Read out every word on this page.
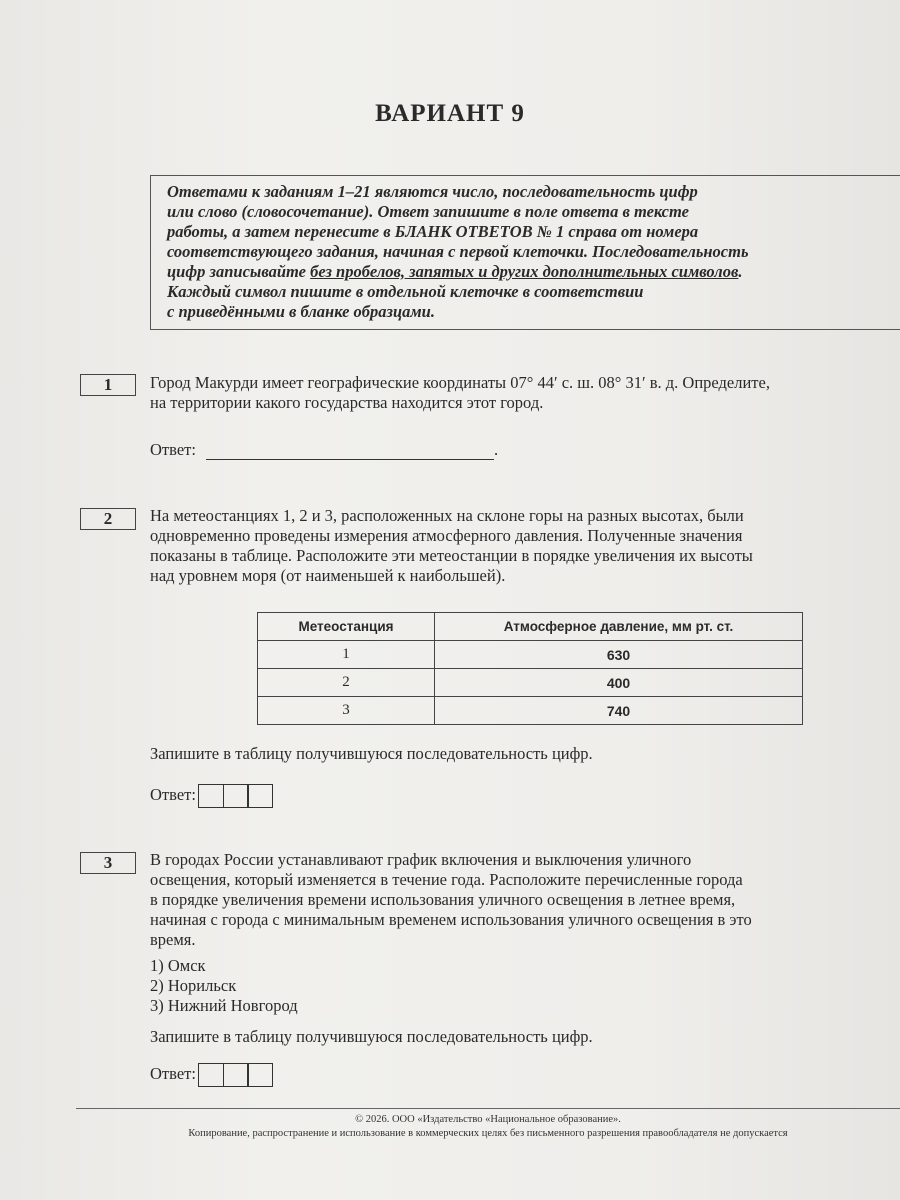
ВАРИАНТ 9
Ответами к заданиям 1–21 являются число, последовательность цифр
или слово (словосочетание). Ответ запишите в поле ответа в тексте
работы, а затем перенесите в БЛАНК ОТВЕТОВ № 1 справа от номера
соответствующего задания, начиная с первой клеточки. Последовательность
цифр записывайте без пробелов, запятых и других дополнительных символов.
Каждый символ пишите в отдельной клеточке в соответствии
с приведёнными в бланке образцами.
1	Город Макурди имеет географические координаты 07° 44′ с. ш. 08° 31′ в. д. Определите,
на территории какого государства находится этот город.
Ответ:	.
2	На метеостанциях 1, 2 и 3, расположенных на склоне горы на разных высотах, были
одновременно проведены измерения атмосферного давления. Полученные значения
показаны в таблице. Расположите эти метеостанции в порядке увеличения их высоты
над уровнем моря (от наименьшей к наибольшей).
Метеостанция	Атмосферное давление, мм рт. ст.
1	630
2	400
3	740
Запишите в таблицу получившуюся последовательность цифр.
Ответ:
3	В городах России устанавливают график включения и выключения уличного
освещения, который изменяется в течение года. Расположите перечисленные города
в порядке увеличения времени использования уличного освещения в летнее время,
начиная с города с минимальным временем использования уличного освещения в это
время.
1) Омск
2) Норильск
3) Нижний Новгород
Запишите в таблицу получившуюся последовательность цифр.
Ответ:
© 2026. ООО «Издательство «Национальное образование».
Копирование, распространение и использование в коммерческих целях без письменного разрешения правообладателя не допускается
